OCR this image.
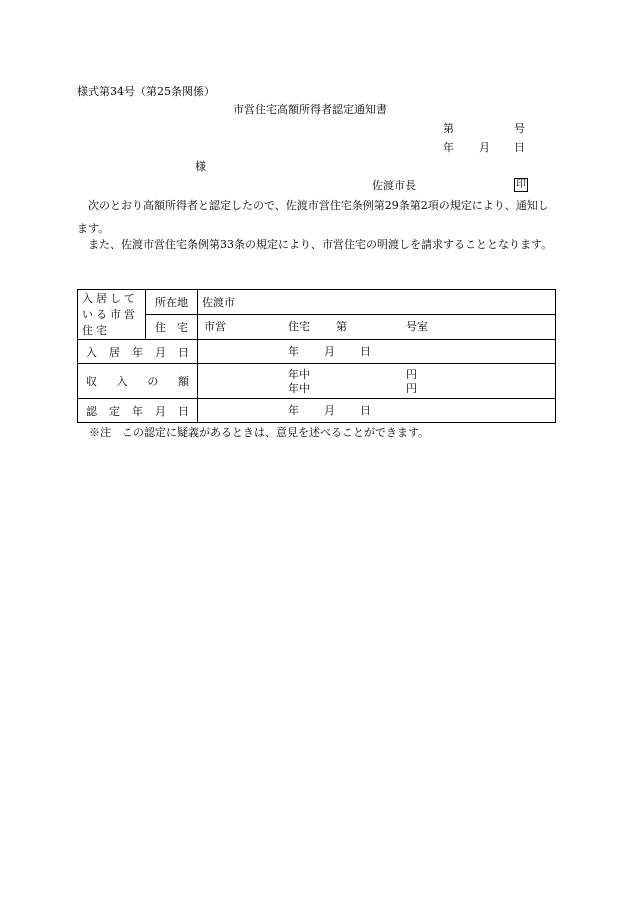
様式第34号（第25条関係）
市営住宅高額所得者認定通知書
第	号
年 月 日
様
佐渡市長	印
次のとおり高額所得者と認定したので、佐渡市営住宅条例第29条第2項の規定により、通知します。
また、佐渡市営住宅条例第33条の規定により、市営住宅の明渡しを請求することとなります。
入居している市営住宅	所在地	佐渡市
	住　宅	市営 住宅 第 号室

入 居 年 月 日		年 月 日

収 入 の 額		年中 円
年中 円

認 定 年 月 日		年 月 日
※注　この認定に疑義があるときは、意見を述べることができます。
